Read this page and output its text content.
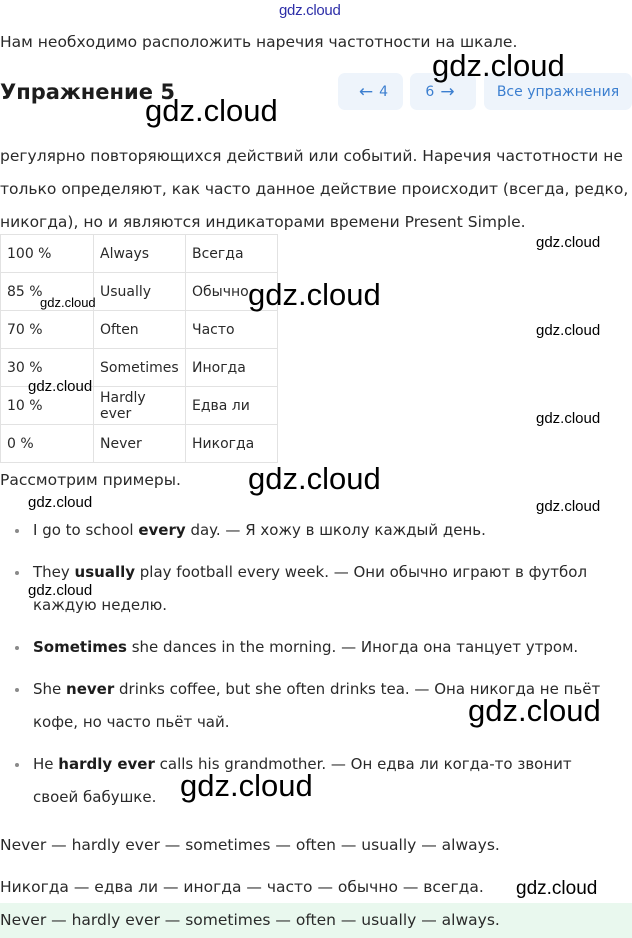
gdz.cloud
Нам необходимо расположить наречия частотности на шкале.
Упражнение 5	← 4	6 →	Все упражнения
регулярно повторяющихся действий или событий. Наречия частотности не
только определяют, как часто данное действие происходит (всегда, редко,
никогда), но и являются индикаторами времени Present Simple.
100 %	Always	Всегда
85 %	Usually	Обычно
70 %	Often	Часто
30 %	Sometimes	Иногда
10 %	Hardly ever	Едва ли
0 %	Never	Никогда
Рассмотрим примеры.
I go to school every day. — Я хожу в школу каждый день.
They usually play football every week. — Они обычно играют в футбол каждую неделю.
Sometimes she dances in the morning. — Иногда она танцует утром.
She never drinks coffee, but she often drinks tea. — Она никогда не пьёт кофе, но часто пьёт чай.
He hardly ever calls his grandmother. — Он едва ли когда-то звонит своей бабушке.
Never — hardly ever — sometimes — often — usually — always.
Никогда — едва ли — иногда — часто — обычно — всегда.
Never — hardly ever — sometimes — often — usually — always.
gdz.cloud
gdz.cloud
gdz.cloud
gdz.cloud
gdz.cloud
gdz.cloud
gdz.cloud
gdz.cloud
gdz.cloud
gdz.cloud	gdz.cloud
gdz.cloud
gdz.cloud
gdz.cloud
gdz.cloud
